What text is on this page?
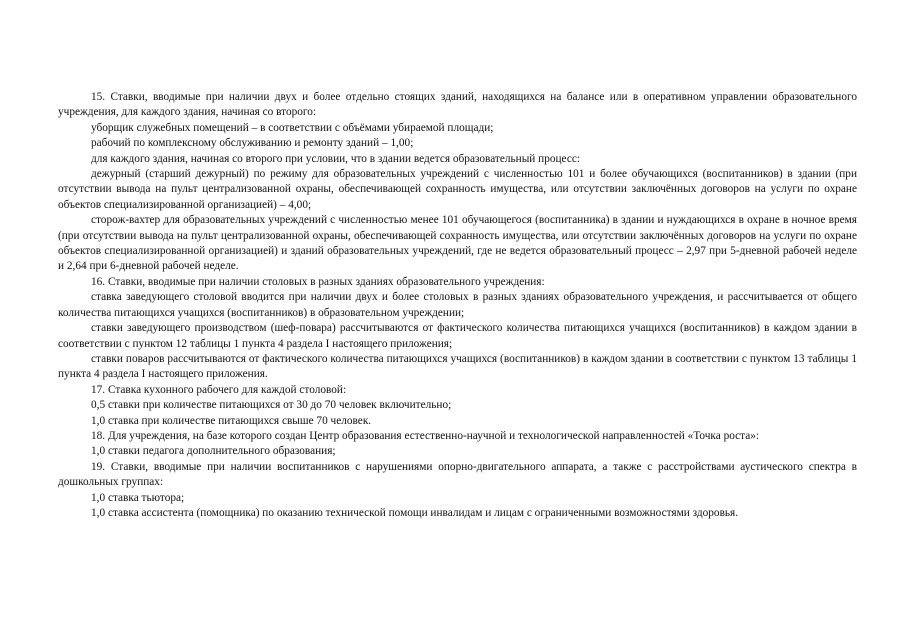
15. Ставки, вводимые при наличии двух и более отдельно стоящих зданий, находящихся на балансе или в оперативном управлении образовательного учреждения, для каждого здания, начиная со второго:

уборщик служебных помещений – в соответствии с объёмами убираемой площади;

рабочий по комплексному обслуживанию и ремонту зданий – 1,00;

для каждого здания, начиная со второго при условии, что в здании ведется образовательный процесс:

дежурный (старший дежурный) по режиму для образовательных учреждений с численностью 101 и более обучающихся (воспитанников) в здании (при отсутствии вывода на пульт централизованной охраны, обеспечивающей сохранность имущества, или отсутствии заключённых договоров на услуги по охране объектов специализированной организацией) – 4,00;

сторож-вахтер для образовательных учреждений с численностью менее 101 обучающегося (воспитанника) в здании и нуждающихся в охране в ночное время (при отсутствии вывода на пульт централизованной охраны, обеспечивающей сохранность имущества, или отсутствии заключённых договоров на услуги по охране объектов специализированной организацией) и зданий образовательных учреждений, где не ведется образовательный процесс – 2,97 при 5-дневной рабочей неделе и 2,64 при 6-дневной рабочей неделе.

16. Ставки, вводимые при наличии столовых в разных зданиях образовательного учреждения:

ставка заведующего столовой вводится при наличии двух и более столовых в разных зданиях образовательного учреждения, и рассчитывается от общего количества питающихся учащихся (воспитанников) в образовательном учреждении;

ставки заведующего производством (шеф-повара) рассчитываются от фактического количества питающихся учащихся (воспитанников) в каждом здании в соответствии с пунктом 12 таблицы 1 пункта 4 раздела I настоящего приложения;

ставки поваров рассчитываются от фактического количества питающихся учащихся (воспитанников) в каждом здании в соответствии с пунктом 13 таблицы 1 пункта 4 раздела I настоящего приложения.

17. Ставка кухонного рабочего для каждой столовой:

0,5 ставки при количестве питающихся от 30 до 70 человек включительно;

1,0 ставка при количестве питающихся свыше 70 человек.

18. Для учреждения, на базе которого создан Центр образования естественно-научной и технологической направленностей «Точка роста»:

1,0 ставки педагога дополнительного образования;

19. Ставки, вводимые при наличии воспитанников с нарушениями опорно-двигательного аппарата, а также с расстройствами аустического спектра в дошкольных группах:

1,0 ставка тьютора;

1,0 ставка ассистента (помощника) по оказанию технической помощи инвалидам и лицам с ограниченными возможностями здоровья.
